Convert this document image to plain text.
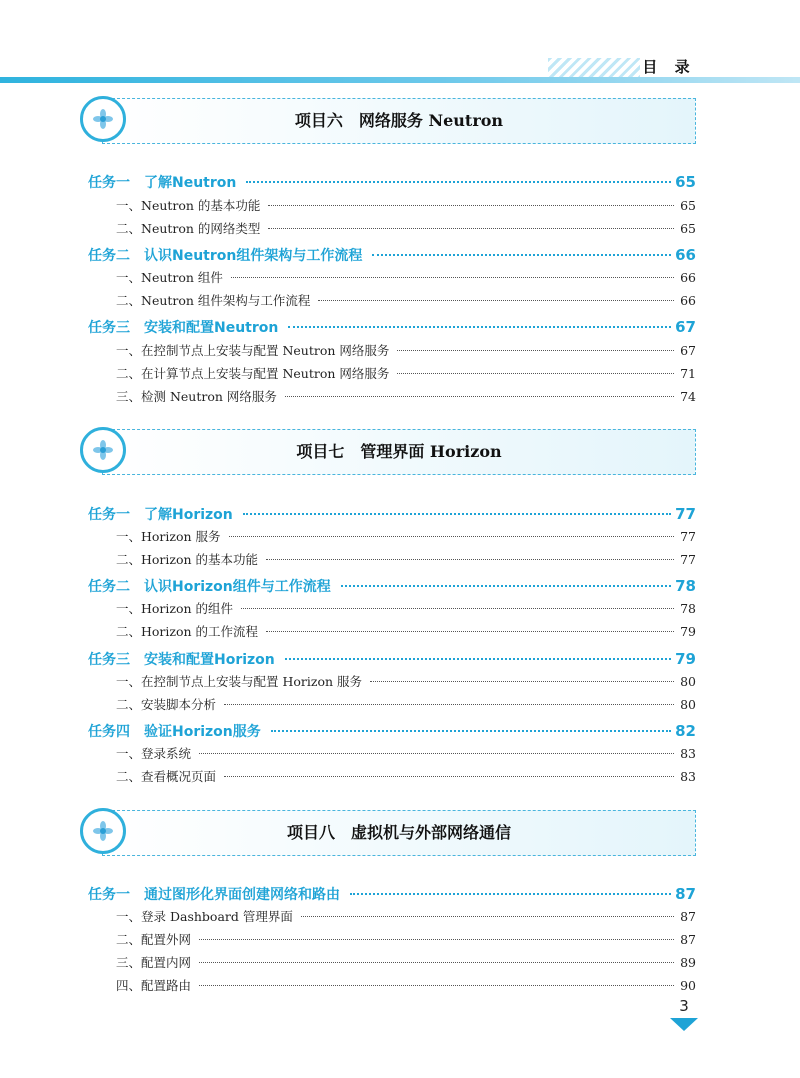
目 录
项目六　网络服务 Neutron
任务一 了解Neutron	65
一、Neutron 的基本功能	65
二、Neutron 的网络类型	65
任务二 认识Neutron组件架构与工作流程	66
一、Neutron 组件	66
二、Neutron 组件架构与工作流程	66
任务三 安装和配置Neutron	67
一、在控制节点上安装与配置 Neutron 网络服务	67
二、在计算节点上安装与配置 Neutron 网络服务	71
三、检测 Neutron 网络服务	74
项目七　管理界面 Horizon
任务一 了解Horizon	77
一、Horizon 服务	77
二、Horizon 的基本功能	77
任务二 认识Horizon组件与工作流程	78
一、Horizon 的组件	78
二、Horizon 的工作流程	79
任务三 安装和配置Horizon	79
一、在控制节点上安装与配置 Horizon 服务	80
二、安装脚本分析	80
任务四 验证Horizon服务	82
一、登录系统	83
二、查看概况页面	83
项目八　虚拟机与外部网络通信
任务一 通过图形化界面创建网络和路由	87
一、登录 Dashboard 管理界面	87
二、配置外网	87
三、配置内网	89
四、配置路由	90
3
